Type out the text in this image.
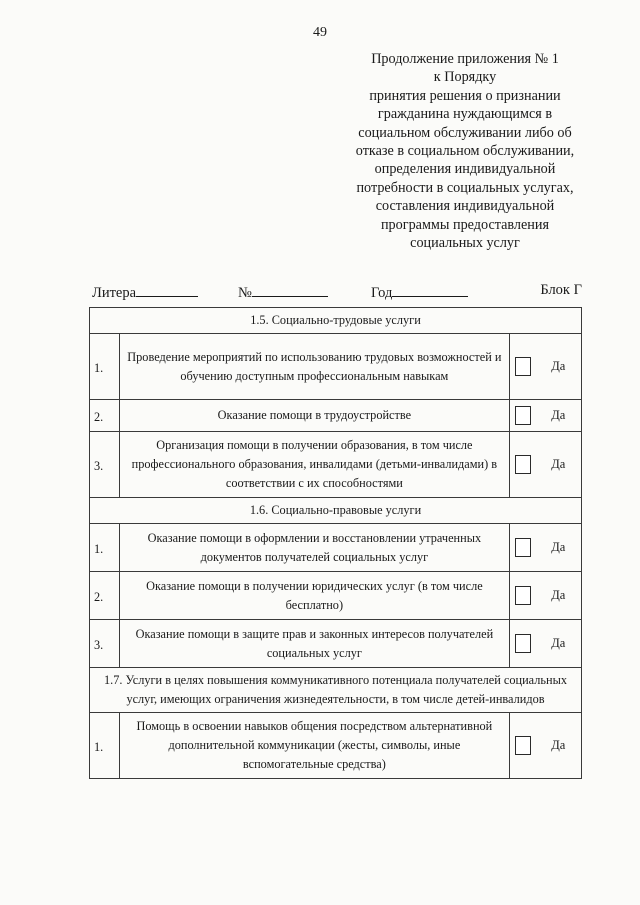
49
Продолжение приложения № 1
к Порядку
принятия решения о признании
гражданина нуждающимся в
социальном обслуживании либо об
отказе в социальном обслуживании,
определения индивидуальной
потребности в социальных услугах,
составления индивидуальной
программы предоставления
социальных услуг
Литера	№	Год	Блок Г
1.5. Социально-трудовые услуги		
1.	Проведение мероприятий по использованию трудовых возможностей и обучению доступным профессиональным навыкам	Да

2.	Оказание помощи в трудоустройстве	Да

3.	Организация помощи в получении образования, в том числе профессионального образования, инвалидами (детьми-инвалидами) в соответствии с их способностями	Да

1.6. Социально-правовые услуги		
1.	Оказание помощи в оформлении и восстановлении утраченных документов получателей социальных услуг	Да

2.	Оказание помощи в получении юридических услуг (в том числе бесплатно)	Да

3.	Оказание помощи в защите прав и законных интересов получателей социальных услуг	Да

1.7. Услуги в целях повышения коммуникативного потенциала получателей социальных услуг, имеющих ограничения жизнедеятельности, в том числе детей-инвалидов		
1.	Помощь в освоении навыков общения посредством альтернативной дополнительной коммуникации (жесты, символы, иные вспомогательные средства)	Да
